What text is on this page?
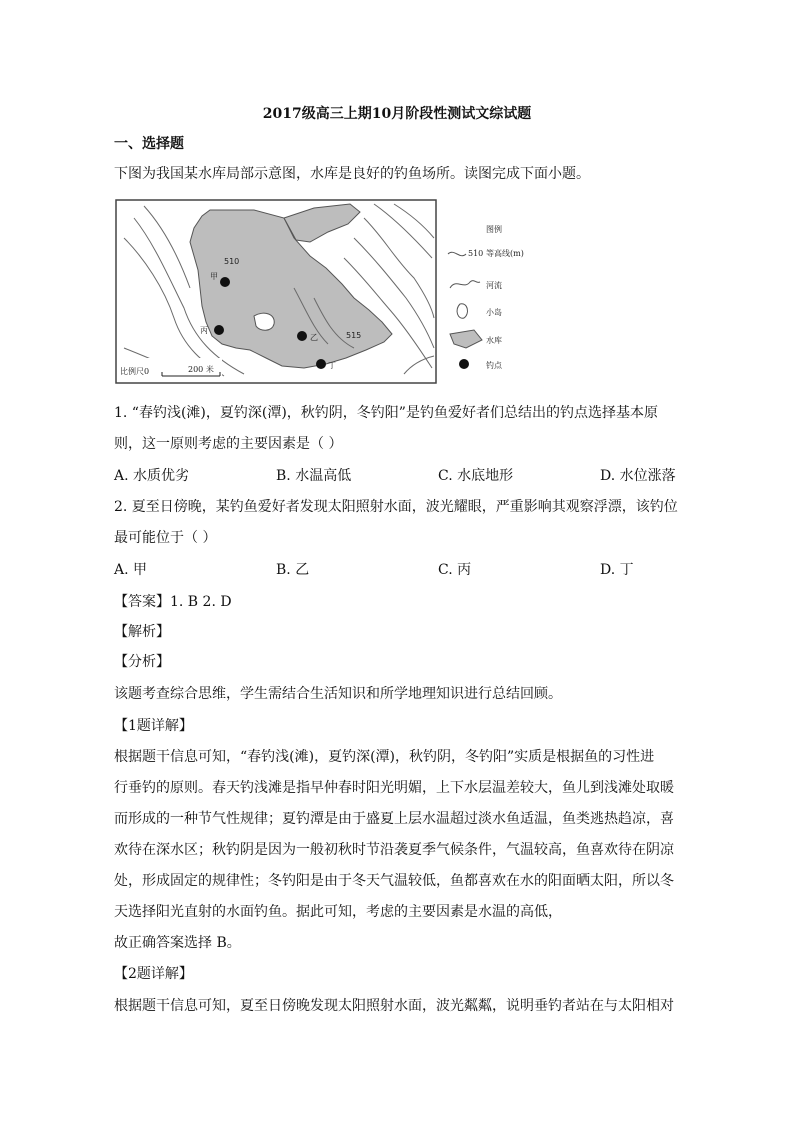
2017级高三上期10月阶段性测试文综试题
一、选择题
下图为我国某水库局部示意图，水库是良好的钓鱼场所。读图完成下面小题。
510
515
甲
乙
丙
丁
比例尺0	200 米
图例
510 等高线(m)
河流
小岛
水库
钓点
1. “春钓浅(滩)，夏钓深(潭)，秋钓阴，冬钓阳”是钓鱼爱好者们总结出的钓点选择基本原
则，这一原则考虑的主要因素是（ ）
A. 水质优劣	B. 水温高低	C. 水底地形	D. 水位涨落
2. 夏至日傍晚，某钓鱼爱好者发现太阳照射水面，波光耀眼，严重影响其观察浮漂，该钓位
最可能位于（ ）
A. 甲	B. 乙	C. 丙	D. 丁
【答案】1. B 2. D
【解析】
【分析】
该题考查综合思维，学生需结合生活知识和所学地理知识进行总结回顾。
【1题详解】
根据题干信息可知，“春钓浅(滩)，夏钓深(潭)，秋钓阴，冬钓阳”实质是根据鱼的习性进
行垂钓的原则。春天钓浅滩是指早仲春时阳光明媚，上下水层温差较大，鱼儿到浅滩处取暖
而形成的一种节气性规律；夏钓潭是由于盛夏上层水温超过淡水鱼适温，鱼类逃热趋凉，喜
欢待在深水区；秋钓阴是因为一般初秋时节沿袭夏季气候条件，气温较高，鱼喜欢待在阴凉
处，形成固定的规律性；冬钓阳是由于冬天气温较低，鱼都喜欢在水的阳面晒太阳，所以冬
天选择阳光直射的水面钓鱼。据此可知，考虑的主要因素是水温的高低，
故正确答案选择 B。
【2题详解】
根据题干信息可知，夏至日傍晚发现太阳照射水面，波光粼粼，说明垂钓者站在与太阳相对
